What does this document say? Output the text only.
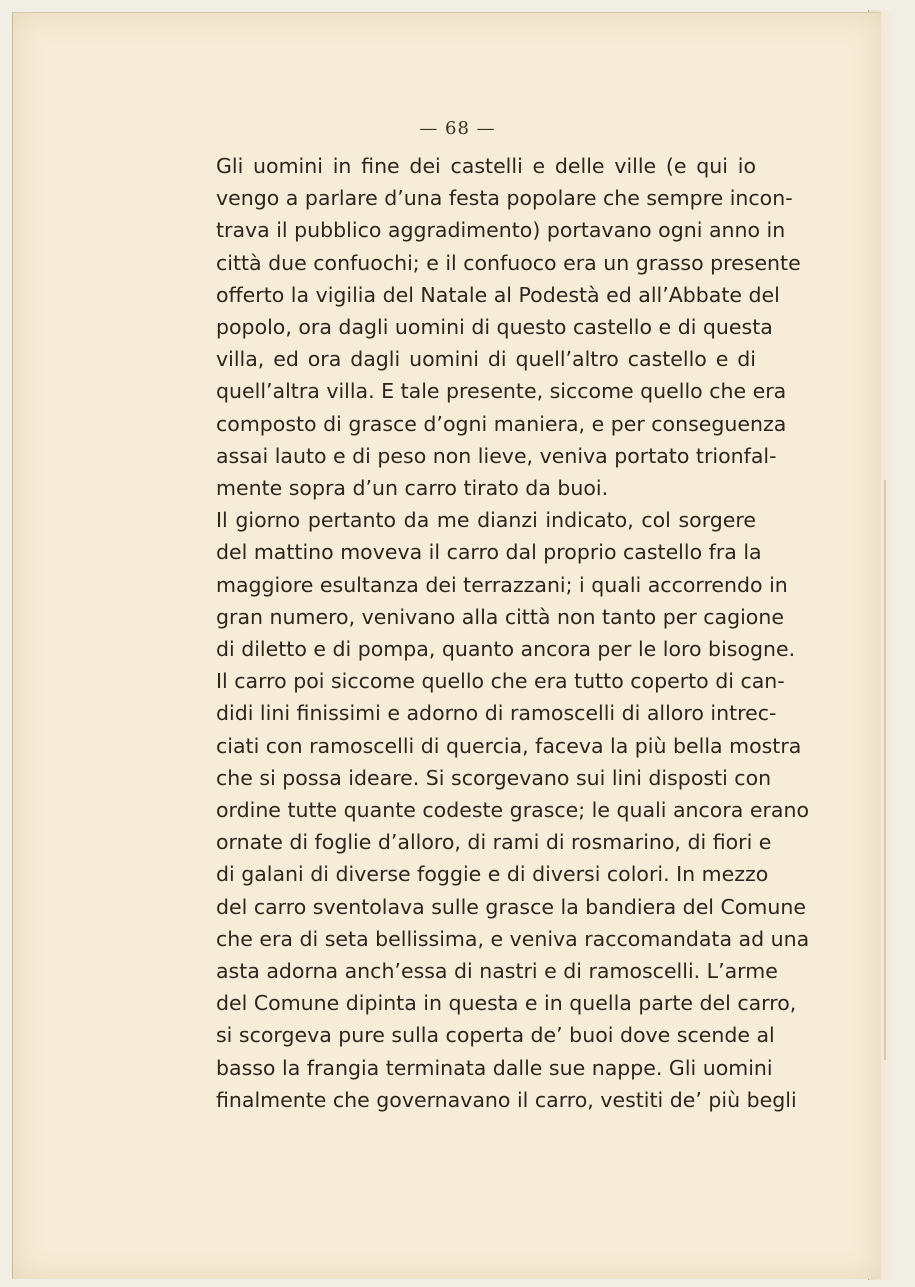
— 68 —

Gli uomini in fine dei castelli e delle ville (e qui io
vengo a parlare d’una festa popolare che sempre incon-
trava il pubblico aggradimento) portavano ogni anno in
città due confuochi; e il confuoco era un grasso presente
offerto la vigilia del Natale al Podestà ed all’Abbate del
popolo, ora dagli uomini di questo castello e di questa
villa, ed ora dagli uomini di quell’altro castello e di
quell’altra villa. E tale presente, siccome quello che era
composto di grasce d’ogni maniera, e per conseguenza
assai lauto e di peso non lieve, veniva portato trionfal-
mente sopra d’un carro tirato da buoi.

Il giorno pertanto da me dianzi indicato, col sorgere
del mattino moveva il carro dal proprio castello fra la
maggiore esultanza dei terrazzani; i quali accorrendo in
gran numero, venivano alla città non tanto per cagione
di diletto e di pompa, quanto ancora per le loro bisogne.

Il carro poi siccome quello che era tutto coperto di can-
didi lini finissimi e adorno di ramoscelli di alloro intrec-
ciati con ramoscelli di quercia, faceva la più bella mostra
che si possa ideare. Si scorgevano sui lini disposti con
ordine tutte quante codeste grasce; le quali ancora erano
ornate di foglie d’alloro, di rami di rosmarino, di fiori e
di galani di diverse foggie e di diversi colori. In mezzo
del carro sventolava sulle grasce la bandiera del Comune
che era di seta bellissima, e veniva raccomandata ad una
asta adorna anch’essa di nastri e di ramoscelli. L’arme
del Comune dipinta in questa e in quella parte del carro,
si scorgeva pure sulla coperta de’ buoi dove scende al
basso la frangia terminata dalle sue nappe. Gli uomini
finalmente che governavano il carro, vestiti de’ più begli
